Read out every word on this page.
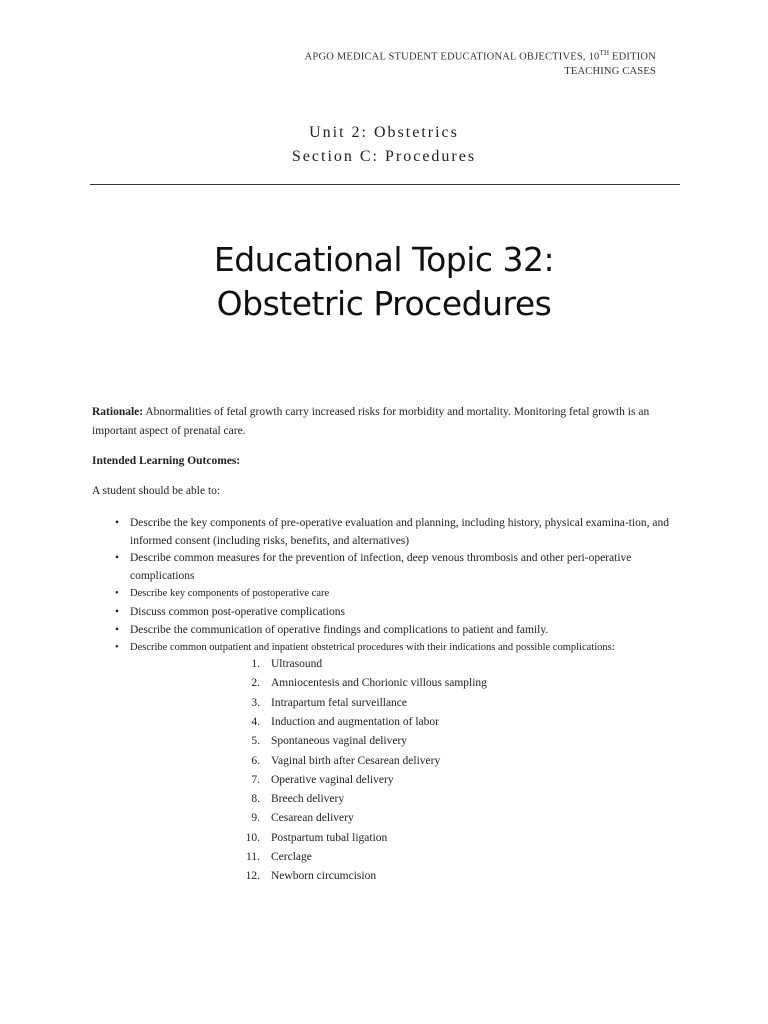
APGO MEDICAL STUDENT EDUCATIONAL OBJECTIVES, 10TH EDITION
TEACHING CASES
Unit 2: Obstetrics
Section C: Procedures
Educational Topic 32:
Obstetric Procedures
Rationale: Abnormalities of fetal growth carry increased risks for morbidity and mortality. Monitoring fetal growth is an important aspect of prenatal care.
Intended Learning Outcomes:
A student should be able to:
• Describe the key components of pre-operative evaluation and planning, including history, physical examina-tion, and informed consent (including risks, benefits, and alternatives)
• Describe common measures for the prevention of infection, deep venous thrombosis and other peri-operative complications
• Describe key components of postoperative care
• Discuss common post-operative complications
• Describe the communication of operative findings and complications to patient and family.
• Describe common outpatient and inpatient obstetrical procedures with their indications and possible complications:
1. Ultrasound
2. Amniocentesis and Chorionic villous sampling
3. Intrapartum fetal surveillance
4. Induction and augmentation of labor
5. Spontaneous vaginal delivery
6. Vaginal birth after Cesarean delivery
7. Operative vaginal delivery
8. Breech delivery
9. Cesarean delivery
10. Postpartum tubal ligation
11. Cerclage
12. Newborn circumcision
